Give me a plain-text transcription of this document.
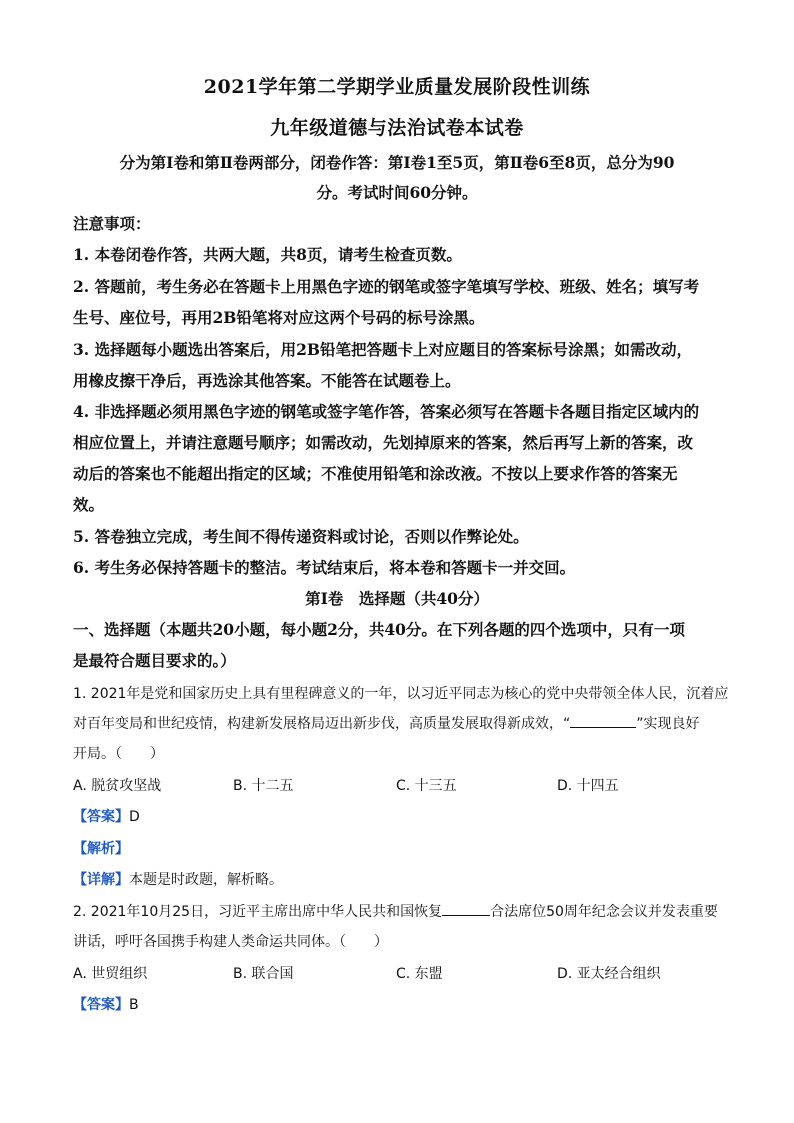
2021学年第二学期学业质量发展阶段性训练
九年级道德与法治试卷本试卷
分为第Ⅰ卷和第Ⅱ卷两部分，闭卷作答：第Ⅰ卷1至5页，第Ⅱ卷6至8页，总分为90
分。考试时间60分钟。
注意事项：
1. 本卷闭卷作答，共两大题，共8页，请考生检查页数。
2. 答题前，考生务必在答题卡上用黑色字迹的钢笔或签字笔填写学校、班级、姓名；填写考
生号、座位号，再用2B铅笔将对应这两个号码的标号涂黑。
3. 选择题每小题选出答案后，用2B铅笔把答题卡上对应题目的答案标号涂黑；如需改动，
用橡皮擦干净后，再选涂其他答案。不能答在试题卷上。
4. 非选择题必须用黑色字迹的钢笔或签字笔作答，答案必须写在答题卡各题目指定区域内的
相应位置上，并请注意题号顺序；如需改动，先划掉原来的答案，然后再写上新的答案，改
动后的答案也不能超出指定的区域；不准使用铅笔和涂改液。不按以上要求作答的答案无
效。
5. 答卷独立完成，考生间不得传递资料或讨论，否则以作弊论处。
6. 考生务必保持答题卡的整洁。考试结束后，将本卷和答题卡一并交回。
第Ⅰ卷　选择题（共40分）
一、选择题（本题共20小题，每小题2分，共40分。在下列各题的四个选项中，只有一项
是最符合题目要求的。）
1. 2021年是党和国家历史上具有里程碑意义的一年，以习近平同志为核心的党中央带领全体人民，沉着应
对百年变局和世纪疫情，构建新发展格局迈出新步伐，高质量发展取得新成效，“	”实现良好
开局。（　　）
A. 脱贫攻坚战	B. 十二五	C. 十三五	D. 十四五
【答案】D
【解析】
【详解】本题是时政题，解析略。
2. 2021年10月25日，习近平主席出席中华人民共和国恢复	合法席位50周年纪念会议并发表重要
讲话，呼吁各国携手构建人类命运共同体。（　　）
A. 世贸组织	B. 联合国	C. 东盟	D. 亚太经合组织
【答案】B
